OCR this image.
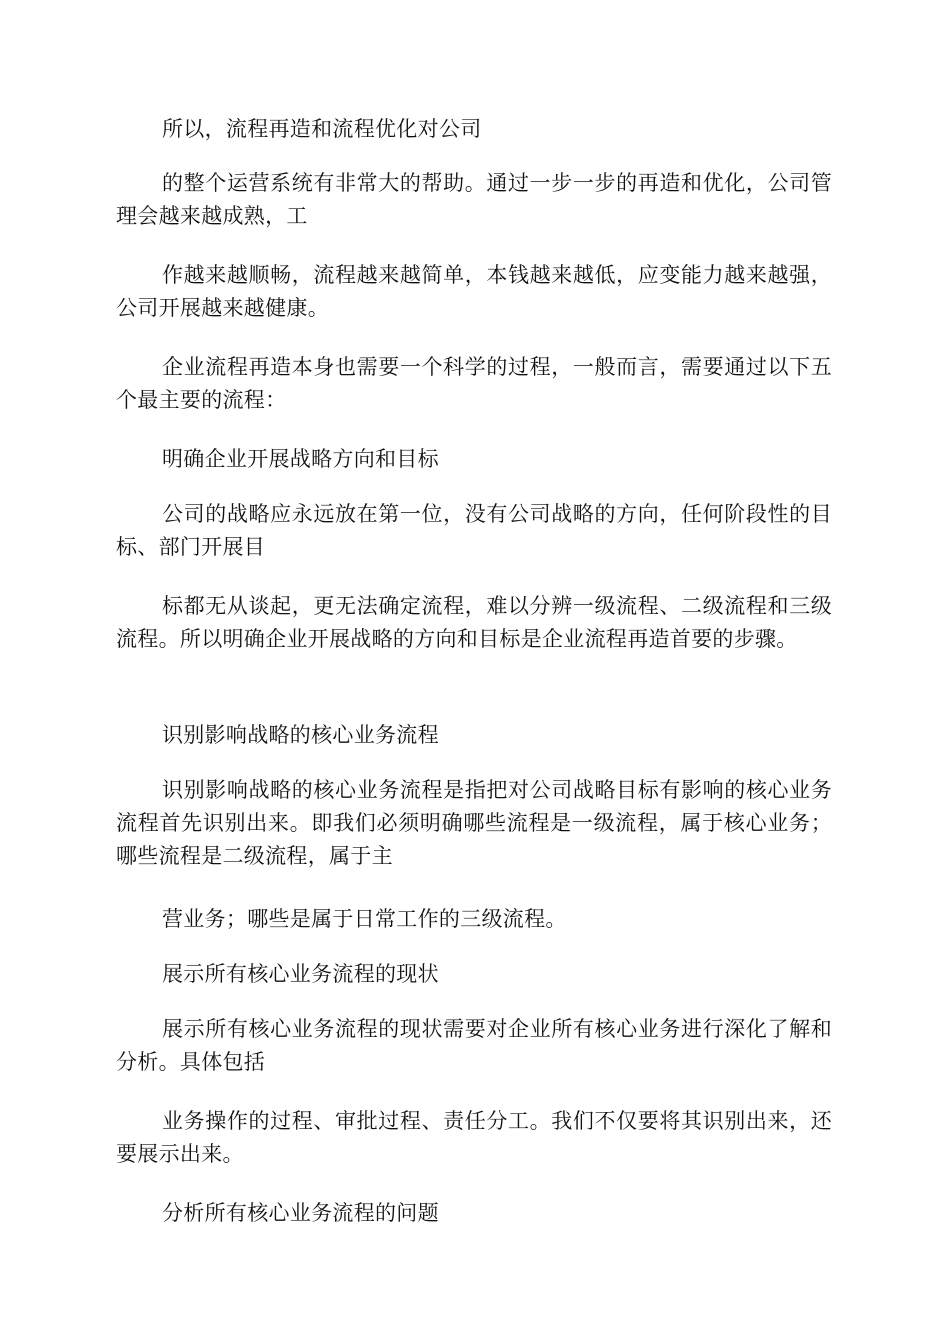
所以，流程再造和流程优化对公司

的整个运营系统有非常大的帮助。通过一步一步的再造和优化，公司管理会越来越成熟，工

作越来越顺畅，流程越来越简单，本钱越来越低，应变能力越来越强，公司开展越来越健康。

企业流程再造本身也需要一个科学的过程，一般而言，需要通过以下五个最主要的流程：

明确企业开展战略方向和目标

公司的战略应永远放在第一位，没有公司战略的方向，任何阶段性的目标、部门开展目

标都无从谈起，更无法确定流程，难以分辨一级流程、二级流程和三级流程。所以明确企业开展战略的方向和目标是企业流程再造首要的步骤。

识别影响战略的核心业务流程

识别影响战略的核心业务流程是指把对公司战略目标有影响的核心业务流程首先识别出来。即我们必须明确哪些流程是一级流程，属于核心业务；哪些流程是二级流程，属于主

营业务；哪些是属于日常工作的三级流程。

展示所有核心业务流程的现状

展示所有核心业务流程的现状需要对企业所有核心业务进行深化了解和分析。具体包括

业务操作的过程、审批过程、责任分工。我们不仅要将其识别出来，还要展示出来。

分析所有核心业务流程的问题
